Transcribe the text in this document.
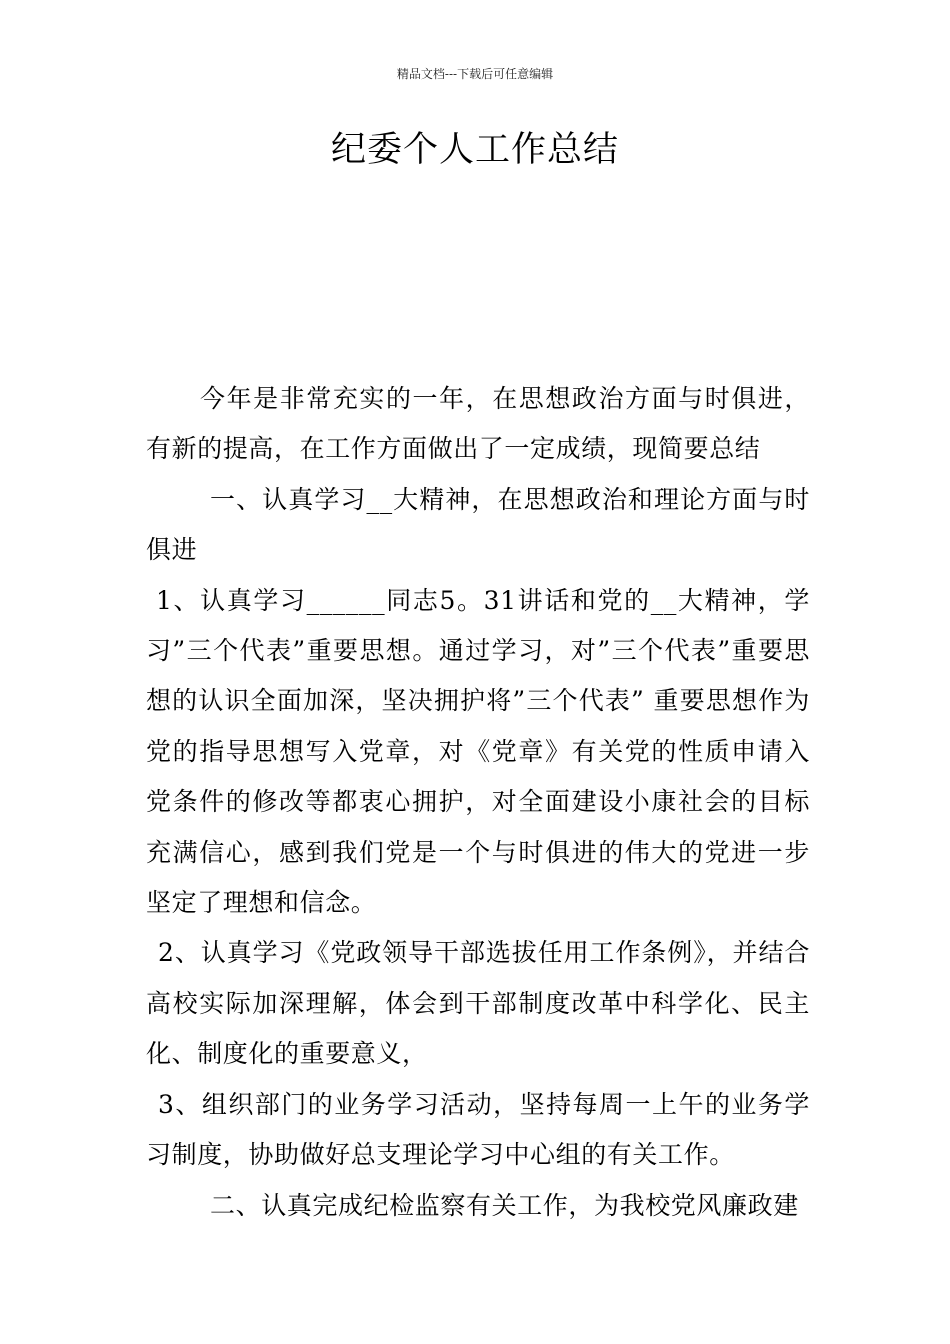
精品文档---下载后可任意编辑
纪委个人工作总结

今年是非常充实的一年，在思想政治方面与时俱进，有新的提高，在工作方面做出了一定成绩，现简要总结

一、认真学习__大精神，在思想政治和理论方面与时俱进

1、认真学习______同志5。31讲话和党的__大精神，学习”三个代表”重要思想。通过学习，对”三个代表”重要思想的认识全面加深，坚决拥护将”三个代表” 重要思想作为党的指导思想写入党章，对《党章》有关党的性质申请入党条件的修改等都衷心拥护，对全面建设小康社会的目标充满信心，感到我们党是一个与时俱进的伟大的党进一步坚定了理想和信念。

2、认真学习《党政领导干部选拔任用工作条例》，并结合高校实际加深理解，体会到干部制度改革中科学化、民主化、制度化的重要意义，

3、组织部门的业务学习活动，坚持每周一上午的业务学习制度，协助做好总支理论学习中心组的有关工作。

二、认真完成纪检监察有关工作，为我校党风廉政建
